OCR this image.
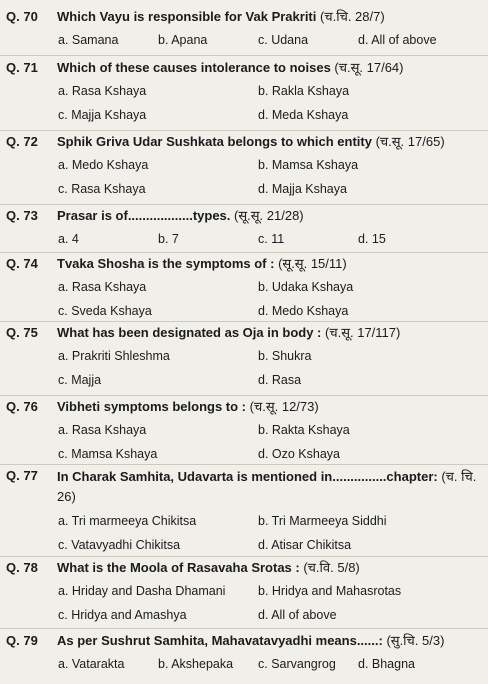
Q. 70 Which Vayu is responsible for Vak Prakriti (च.चि. 28/7)
a. Samana	b. Apana	c. Udana	d. All of above
Q. 71 Which of these causes intolerance to noises (च.सू. 17/64)
a. Rasa Kshaya	b. Rakla Kshaya
c. Majja Kshaya	d. Meda Kshaya
Q. 72 Sphik Griva Udar Sushkata belongs to which entity (च.सू. 17/65)
a. Medo Kshaya	b. Mamsa Kshaya
c. Rasa Kshaya	d. Majja Kshaya
Q. 73 Prasar is of..................types. (सू.सू. 21/28)
a. 4	b. 7	c. 11	d. 15
Q. 74 Tvaka Shosha is the symptoms of : (सू.सू. 15/11)
a. Rasa Kshaya	b. Udaka Kshaya
c. Sveda Kshaya	d. Medo Kshaya
Q. 75 What has been designated as Oja in body : (च.सू. 17/117)
a. Prakriti Shleshma	b. Shukra
c. Majja	d. Rasa
Q. 76 Vibheti symptoms belongs to : (च.सू. 12/73)
a. Rasa Kshaya	b. Rakta Kshaya
c. Mamsa Kshaya	d. Ozo Kshaya
Q. 77 In Charak Samhita, Udavarta is mentioned in...............chapter: (च. चि. 26)
a. Tri marmeeya Chikitsa	b. Tri Marmeeya Siddhi
c. Vatavyadhi Chikitsa	d. Atisar Chikitsa
Q. 78 What is the Moola of Rasavaha Srotas : (च.वि. 5/8)
a. Hriday and Dasha Dhamani	b. Hridya and Mahasrotas
c. Hridya and Amashya	d. All of above
Q. 79 As per Sushrut Samhita, Mahavatavyadhi means......: (सु.चि. 5/3)
a. Vatarakta	b. Akshepaka c. Sarvangrog d. Bhagna
